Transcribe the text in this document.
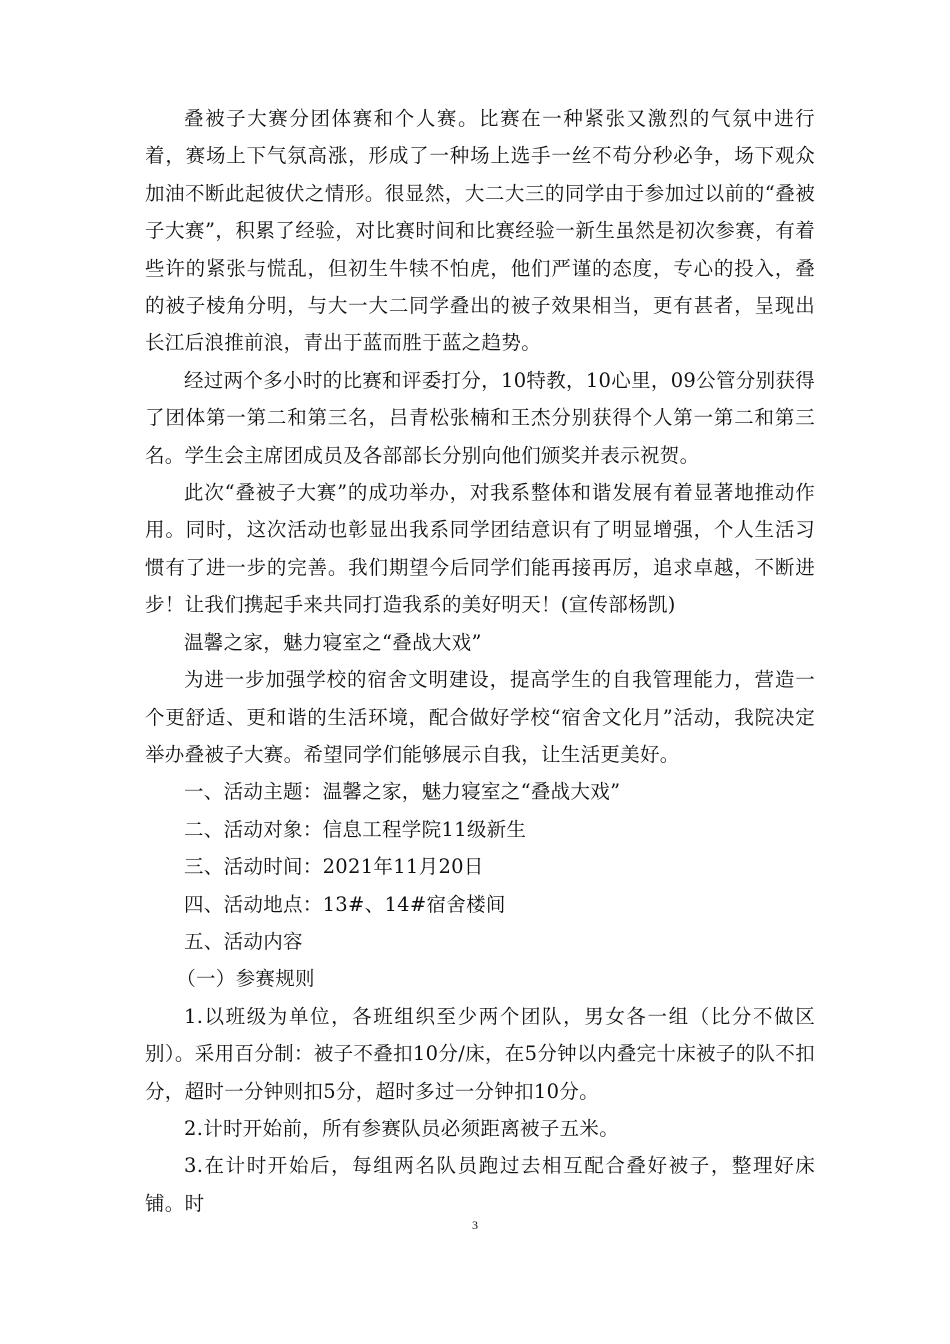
叠被子大赛分团体赛和个人赛。比赛在一种紧张又激烈的气氛中进行着，赛场上下气氛高涨，形成了一种场上选手一丝不苟分秒必争，场下观众加油不断此起彼伏之情形。很显然，大二大三的同学由于参加过以前的“叠被子大赛”，积累了经验，对比赛时间和比赛经验一新生虽然是初次参赛，有着些许的紧张与慌乱，但初生牛犊不怕虎，他们严谨的态度，专心的投入，叠的被子棱角分明，与大一大二同学叠出的被子效果相当，更有甚者，呈现出长江后浪推前浪，青出于蓝而胜于蓝之趋势。

经过两个多小时的比赛和评委打分，10特教，10心里，09公管分别获得了团体第一第二和第三名，吕青松张楠和王杰分别获得个人第一第二和第三名。学生会主席团成员及各部部长分别向他们颁奖并表示祝贺。

此次“叠被子大赛”的成功举办，对我系整体和谐发展有着显著地推动作用。同时，这次活动也彰显出我系同学团结意识有了明显增强，个人生活习惯有了进一步的完善。我们期望今后同学们能再接再厉，追求卓越，不断进步！让我们携起手来共同打造我系的美好明天！(宣传部杨凯)

温馨之家，魅力寝室之“叠战大戏”

为进一步加强学校的宿舍文明建设，提高学生的自我管理能力，营造一个更舒适、更和谐的生活环境，配合做好学校“宿舍文化月”活动，我院决定举办叠被子大赛。希望同学们能够展示自我，让生活更美好。

一、活动主题：温馨之家，魅力寝室之“叠战大戏”

二、活动对象：信息工程学院11级新生

三、活动时间：2021年11月20日

四、活动地点：13#、14#宿舍楼间

五、活动内容

（一）参赛规则

1.以班级为单位，各班组织至少两个团队，男女各一组（比分不做区别）。采用百分制：被子不叠扣10分/床，在5分钟以内叠完十床被子的队不扣分，超时一分钟则扣5分，超时多过一分钟扣10分。

2.计时开始前，所有参赛队员必须距离被子五米。

3.在计时开始后，每组两名队员跑过去相互配合叠好被子，整理好床铺。时

3
